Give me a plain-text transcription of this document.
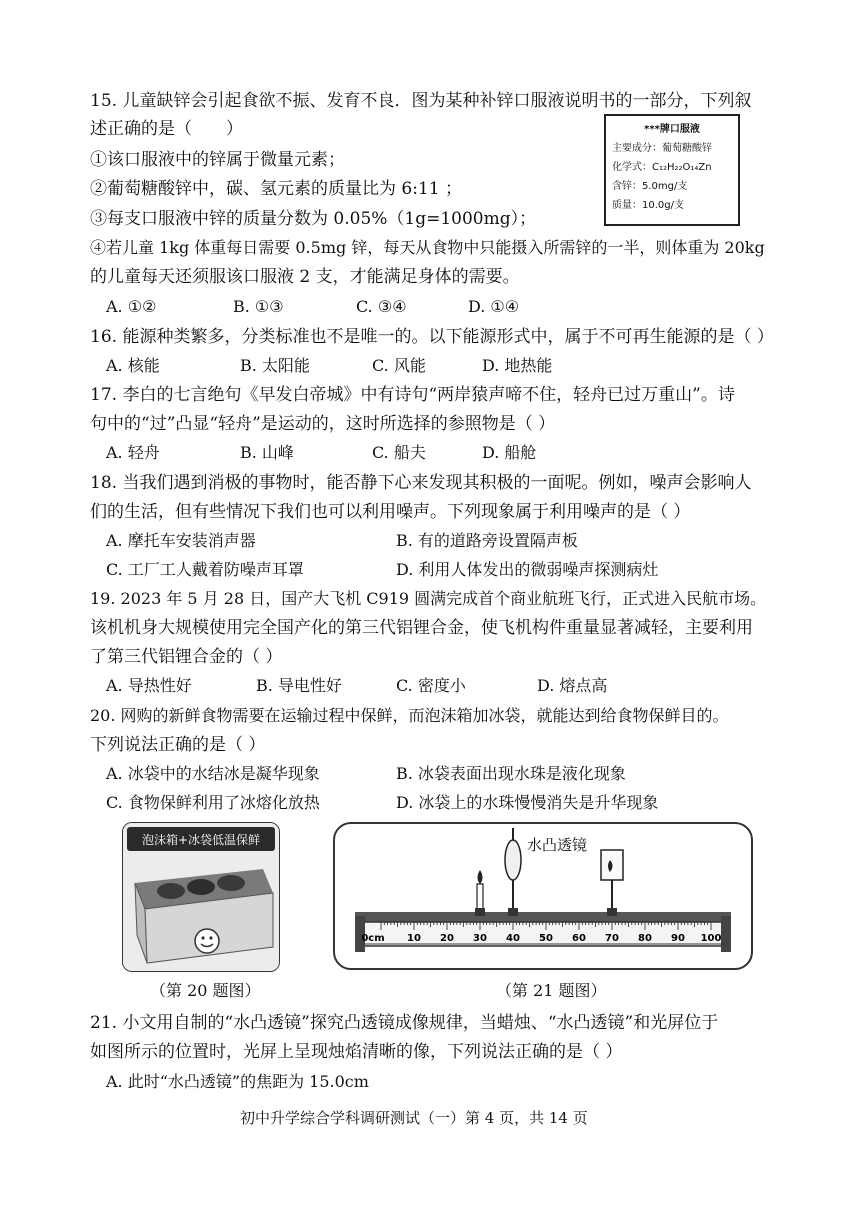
15. 儿童缺锌会引起食欲不振、发育不良．图为某种补锌口服液说明书的一部分，下列叙
述正确的是（　　）
①该口服液中的锌属于微量元素；
②葡萄糖酸锌中，碳、氢元素的质量比为 6:11 ；
③每支口服液中锌的质量分数为 0.05%（1g=1000mg）；
④若儿童 1kg 体重每日需要 0.5mg 锌，每天从食物中只能摄入所需锌的一半，则体重为 20kg
的儿童每天还须服该口服液 2 支，才能满足身体的需要。
A. ①②	B. ①③	C. ③④	D. ①④
***牌口服液
主要成分：葡萄糖酸锌
化学式：C₁₂H₂₂O₁₄Zn
含锌：5.0mg/支
质量：10.0g/支
16. 能源种类繁多，分类标准也不是唯一的。以下能源形式中，属于不可再生能源的是（ ）
A. 核能	B. 太阳能	C. 风能	D. 地热能
17. 李白的七言绝句《早发白帝城》中有诗句“两岸猿声啼不住，轻舟已过万重山”。诗
句中的“过”凸显“轻舟”是运动的，这时所选择的参照物是（ ）
A. 轻舟	B. 山峰	C. 船夫	D. 船舱
18. 当我们遇到消极的事物时，能否静下心来发现其积极的一面呢。例如，噪声会影响人
们的生活，但有些情况下我们也可以利用噪声。下列现象属于利用噪声的是（ ）
A. 摩托车安装消声器	B. 有的道路旁设置隔声板
C. 工厂工人戴着防噪声耳罩	D. 利用人体发出的微弱噪声探测病灶
19. 2023 年 5 月 28 日，国产大飞机 C919 圆满完成首个商业航班飞行，正式进入民航市场。
该机机身大规模使用完全国产化的第三代铝锂合金，使飞机构件重量显著减轻，主要利用
了第三代铝锂合金的（ ）
A. 导热性好	B. 导电性好	C. 密度小	D. 熔点高
20. 网购的新鲜食物需要在运输过程中保鲜，而泡沫箱加冰袋，就能达到给食物保鲜目的。
下列说法正确的是（ ）
A. 冰袋中的水结冰是凝华现象	B. 冰袋表面出现水珠是液化现象
C. 食物保鲜利用了冰熔化放热	D. 冰袋上的水珠慢慢消失是升华现象
泡沫箱+冰袋低温保鲜
（第 20 题图）
0cm 10 20 30 40 50 60 70 80 90 100
水凸透镜
（第 21 题图）
21. 小文用自制的“水凸透镜”探究凸透镜成像规律，当蜡烛、“水凸透镜”和光屏位于
如图所示的位置时，光屏上呈现烛焰清晰的像，下列说法正确的是（ ）
A. 此时“水凸透镜”的焦距为 15.0cm
初中升学综合学科调研测试（一）第 4 页，共 14 页
